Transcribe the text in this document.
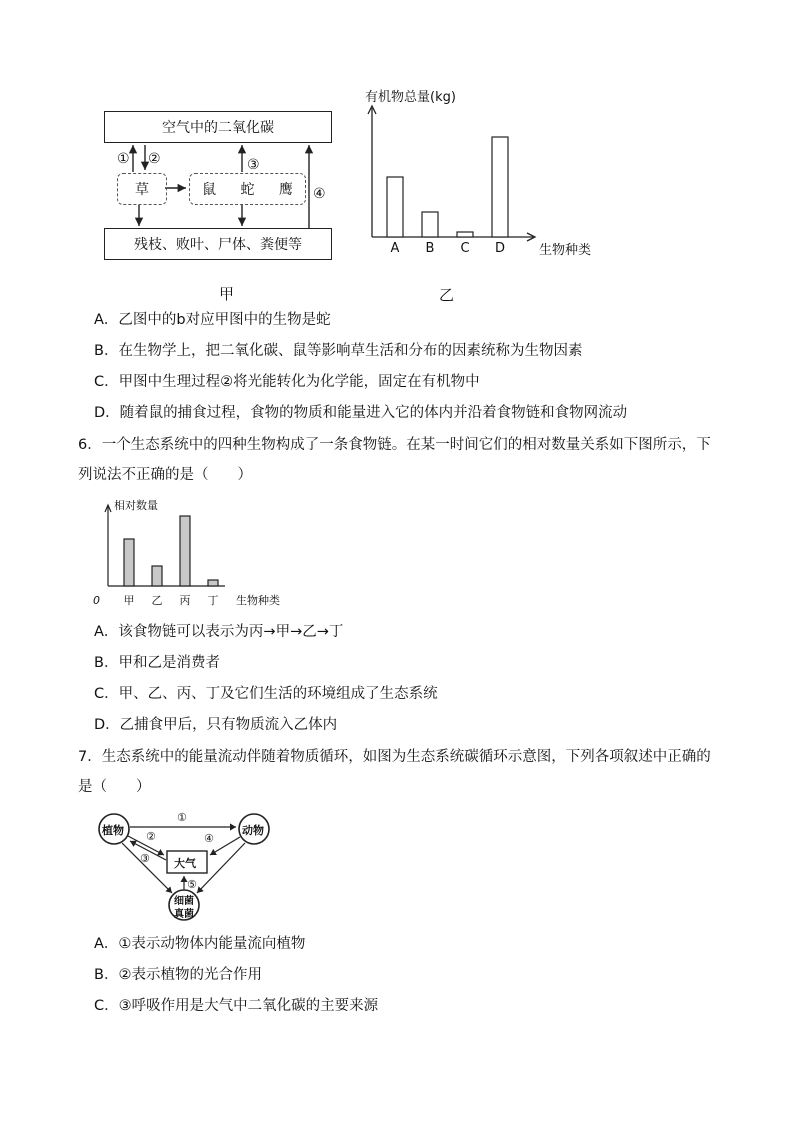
空气中的二氧化碳
草	鼠 蛇 鹰
残枝、败叶、尸体、粪便等
① ②	③
④
甲
有机物总量(kg)
生物种类
A B C D
乙
A．乙图中的b对应甲图中的生物是蛇
B．在生物学上，把二氧化碳、鼠等影响草生活和分布的因素统称为生物因素
C．甲图中生理过程②将光能转化为化学能，固定在有机物中
D．随着鼠的捕食过程，食物的物质和能量进入它的体内并沿着食物链和食物网流动
6．一个生态系统中的四种生物构成了一条食物链。在某一时间它们的相对数量关系如下图所示，下
列说法不正确的是（　　）
相对数量
0	生物种类
甲 乙 丙 丁
A．该食物链可以表示为丙→甲→乙→丁
B．甲和乙是消费者
C．甲、乙、丙、丁及它们生活的环境组成了生态系统
D．乙捕食甲后，只有物质流入乙体内
7．生态系统中的能量流动伴随着物质循环，如图为生态系统碳循环示意图，下列各项叙述中正确的
是（　　）
植物	动物
大气
细菌
真菌
①
②
③
④
⑤
A．①表示动物体内能量流向植物
B．②表示植物的光合作用
C．③呼吸作用是大气中二氧化碳的主要来源
